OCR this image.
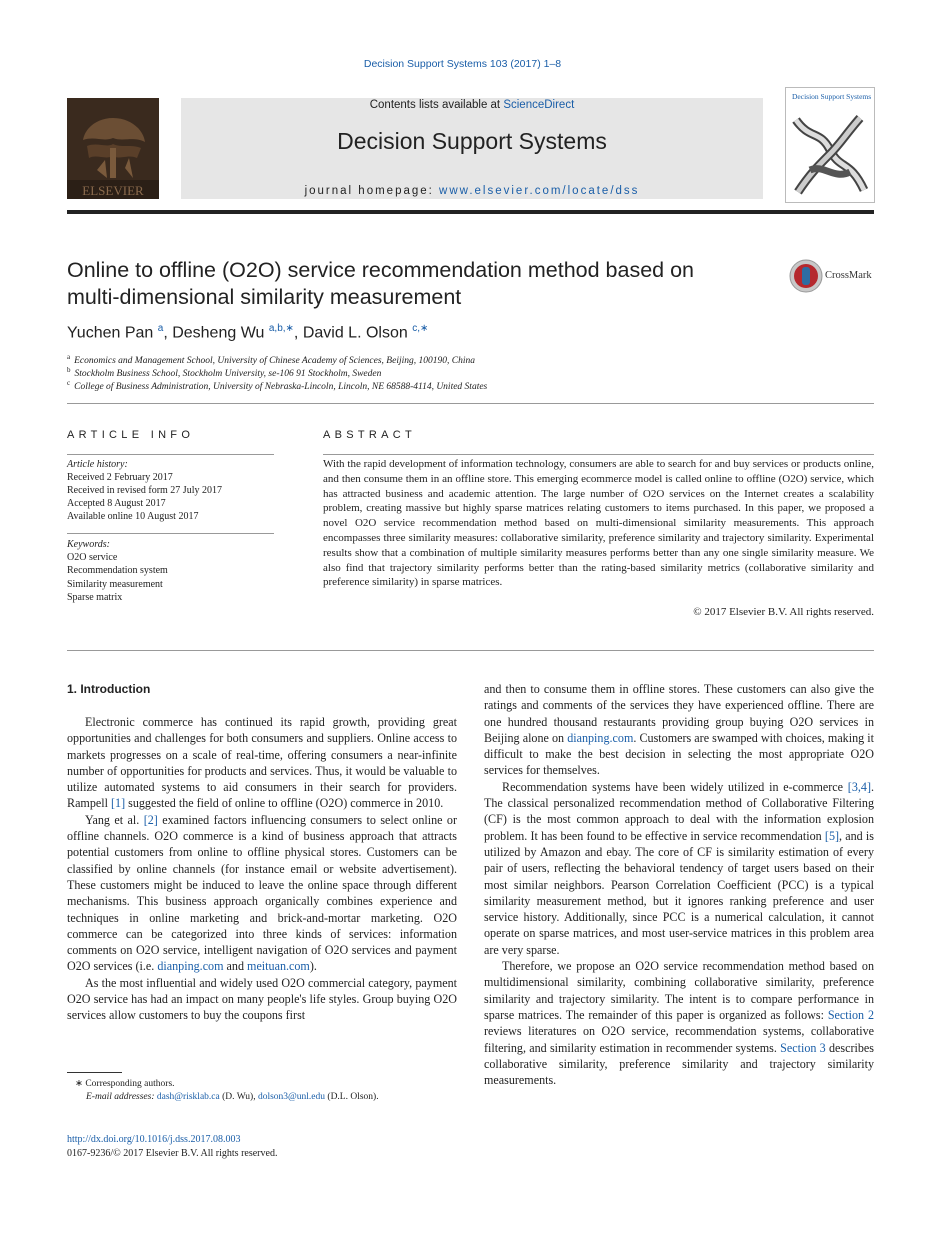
Decision Support Systems 103 (2017) 1–8
ELSEVIER
Contents lists available at ScienceDirect
Decision Support Systems
journal homepage: www.elsevier.com/locate/dss
Decision Support Systems
Online to offline (O2O) service recommendation method based on
multi-dimensional similarity measurement
CrossMark
Yuchen Pan $^a$, Desheng Wu $^{a,b,∗}$, David L. Olson $^{c,∗}$
$^a$ Economics and Management School, University of Chinese Academy of Sciences, Beijing, 100190, China
$^b$ Stockholm Business School, Stockholm University, se-106 91 Stockholm, Sweden
$^c$ College of Business Administration, University of Nebraska-Lincoln, Lincoln, NE 68588-4114, United States
ARTICLE INFO
Article history:
Received 2 February 2017
Received in revised form 27 July 2017
Accepted 8 August 2017
Available online 10 August 2017
Keywords:
O2O service
Recommendation system
Similarity measurement
Sparse matrix
ABSTRACT
With the rapid development of information technology, consumers are able to search for and buy services or products online, and then consume them in an offline store. This emerging ecommerce model is called online to offline (O2O) service, which has attracted business and academic attention. The large number of O2O services on the Internet creates a scalability problem, creating massive but highly sparse matrices relating customers to items purchased. In this paper, we proposed a novel O2O service recommendation method based on multi-dimensional similarity measurements. This approach encompasses three similarity measures: collaborative similarity, preference similarity and trajectory similarity. Experimental results show that a combination of multiple similarity measures performs better than any one single similarity measure. We also find that trajectory similarity performs better than the rating-based similarity metrics (collaborative similarity and preference similarity) in sparse matrices.
© 2017 Elsevier B.V. All rights reserved.
1. Introduction

Electronic commerce has continued its rapid growth, providing great opportunities and challenges for both consumers and suppliers. Online access to markets progresses on a scale of real-time, offering consumers a near-infinite number of opportunities for products and services. Thus, it would be valuable to utilize automated systems to aid consumers in their search for providers. Rampell [1] suggested the field of online to offline (O2O) commerce in 2010.

Yang et al. [2] examined factors influencing consumers to select online or offline channels. O2O commerce is a kind of business approach that attracts potential customers from online to offline physical stores. Customers can be classified by online channels (for instance email or website advertisement). These customers might be induced to leave the online space through different mechanisms. This business approach organically combines experience and techniques in online marketing and brick-and-mortar marketing. O2O commerce can be categorized into three kinds of services: information comments on O2O service, intelligent navigation of O2O services and payment O2O services (i.e. dianping.com and meituan.com).

As the most influential and widely used O2O commercial category, payment O2O service has had an impact on many people's life styles. Group buying O2O services allow customers to buy the coupons first

and then to consume them in offline stores. These customers can also give the ratings and comments of the services they have experienced offline. There are one hundred thousand restaurants providing group buying O2O services in Beijing alone on dianping.com. Customers are swamped with choices, making it difficult to make the best decision in selecting the most appropriate O2O services for themselves.

Recommendation systems have been widely utilized in e-commerce [3,4]. The classical personalized recommendation method of Collaborative Filtering (CF) is the most common approach to deal with the information explosion problem. It has been found to be effective in service recommendation [5], and is utilized by Amazon and ebay. The core of CF is similarity estimation of every pair of users, reflecting the behavioral tendency of target users based on their most similar neighbors. Pearson Correlation Coefficient (PCC) is a typical similarity measurement method, but it ignores ranking preference and user service history. Additionally, since PCC is a numerical calculation, it cannot operate on sparse matrices, and most user-service matrices in this problem area are very sparse.

Therefore, we propose an O2O service recommendation method based on multidimensional similarity, combining collaborative similarity, preference similarity and trajectory similarity. The intent is to compare performance in sparse matrices. The remainder of this paper is organized as follows: Section 2 reviews literatures on O2O service, recommendation systems, collaborative filtering, and similarity estimation in recommender systems. Section 3 describes collaborative similarity, preference similarity and trajectory similarity measurements.

∗ Corresponding authors.
E-mail addresses: dash@risklab.ca (D. Wu), dolson3@unl.edu (D.L. Olson).
http://dx.doi.org/10.1016/j.dss.2017.08.003
0167-9236/© 2017 Elsevier B.V. All rights reserved.
